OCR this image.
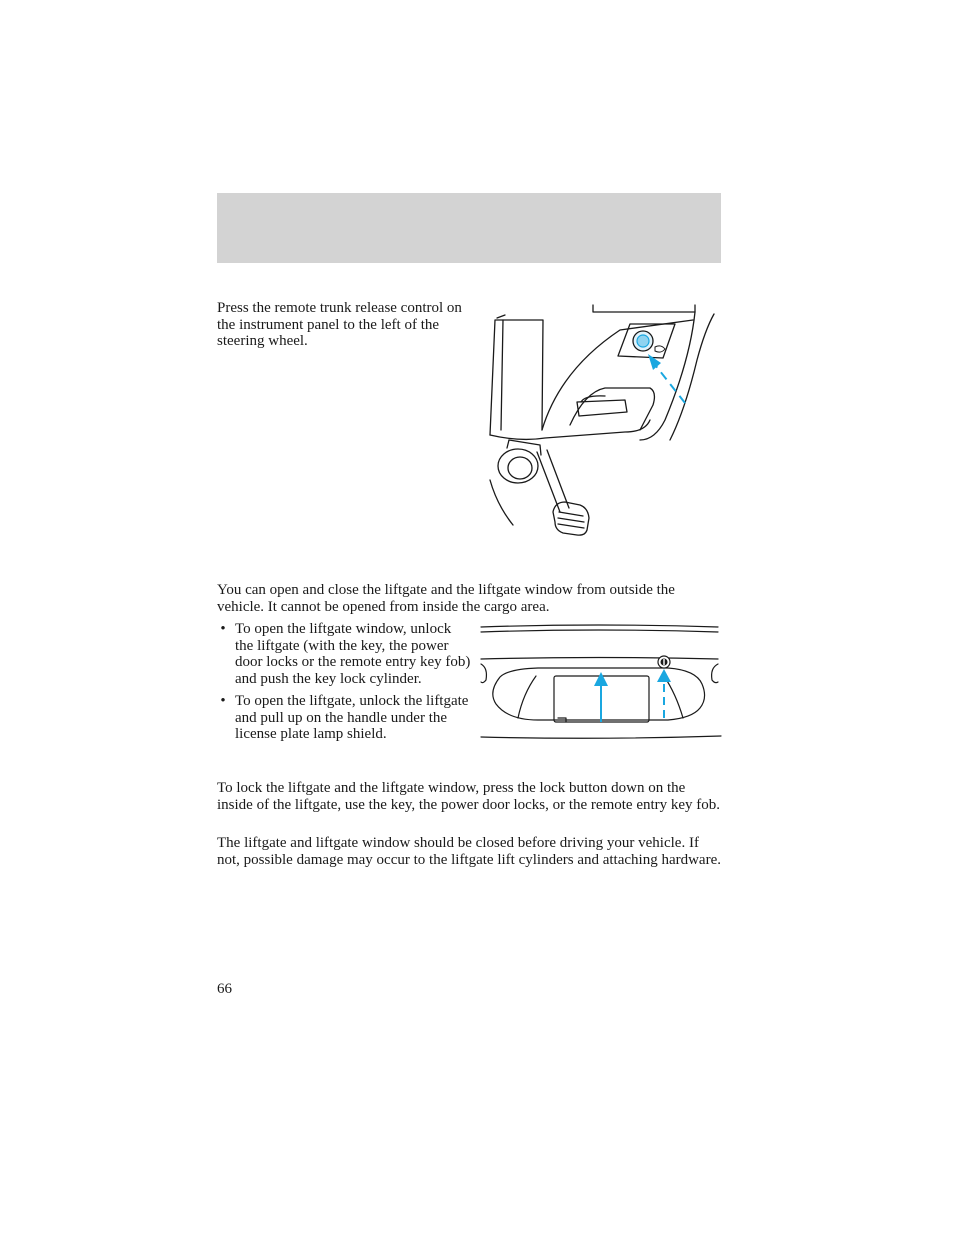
Press the remote trunk release control on the instrument panel to the left of the steering wheel.

You can open and close the liftgate and the liftgate window from outside the vehicle. It cannot be opened from inside the cargo area.

• To open the liftgate window, unlock the liftgate (with the key, the power door locks or the remote entry key fob) and push the key lock cylinder.
• To open the liftgate, unlock the liftgate and pull up on the handle under the license plate lamp shield.

To lock the liftgate and the liftgate window, press the lock button down on the inside of the liftgate, use the key, the power door locks, or the remote entry key fob.

The liftgate and liftgate window should be closed before driving your vehicle. If not, possible damage may occur to the liftgate lift cylinders and attaching hardware.

66
